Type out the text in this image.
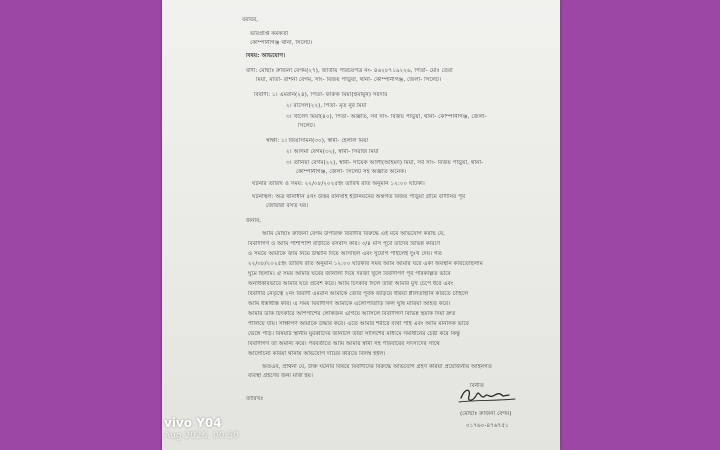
বরাবর,
ভারপ্রাপ্ত কর্মকর্তা
কোম্পানীগঞ্জ থানা, সিলেট।
বিষয়: অভিযোগ।
বাদী: মোছাঃ রুজিনা বেগম(২৭), জাতীয় পরিচয়পত্র নং- ৪৬২৮৭১৯২২৬, পিতা- মোঃ তেরা
মিয়া, মাতা- রাশনা বেগম, সাং- বিজয় পাড়ুয়া, থানা- কোম্পানীগঞ্জ, জেলা- সিলেট।
বিবাদী: ১। এমরান(২৪), পিতা- ফারুক মিয়া(হুমায়ুন) সরদার
২। রাসেল(২২), পিতা- মৃত নুর মিয়া
৩। খালেদ মিয়া(৪০), পিতা- অজ্ঞাত, সর্ব সাং- বিজয় পাড়ুয়া, থানা- কোম্পানীগঞ্জ, জেলা-
সিলেট।
স্বাক্ষী: ১। জিয়াসমিন(৩০), স্বামী- হেলাল মিয়া
২। আসমা বেগম(৩২), স্বামী- সিরাজ মিয়া
৩। তানিয়া বেগম(২২), স্বামী- সায়েক আলী(আহমদ) মিয়া, সর্ব সাং- বিজয় পাড়ুয়া, থানা-
কোম্পানীগঞ্জ, জেলা- সিলেট সহ অজ্ঞাত অনেক।
ঘটনার তারিখ ও সময়: ২২/০৮/২০২৫ইং তারিখ রাত অনুমান ১২:০০ ঘটিকা।
ঘটনাস্থল: অত্র থানাধীন ৫নং উত্তর রনিখাই ইউনিয়নের অন্তর্গত বিজয় পাড়ুয়া গ্রামে বাদীনির পূর্ব
জোয়ারা বসত ঘর।
জনাব,
আমি মোছাঃ রুজিনা বেগম উপরিক্ত বিবাদীর বিরুদ্ধে এই মর্মে অভিযোগ করছি যে,
বিবাদীগণ ও আমি পাশাপাশি বাড়ীতে বসবাস করি। ৩/৪ মাস পূর্বে তাদের বিভিন্ন কারণে
ও সময়ে আমাকে জমি নিয়ে উস্কানি দিয়ে আসছিল এবং সুযোগ পাইলেই দুঃখ দেয়। গত
২২/০৮/২০২৫ইং তারিখ রাত অনুমান ১২:০০ ঘটিকার সময় আমি আমার ঘরে একা অবস্থান করিতেছিলাম
ঘুমে ছিলাম। ঐ সময় আমার ঘরের জানালা দিয়ে দরজা খুলে বিবাদীগণ পূর্ব পরিকল্পিত ভাবে
অনধিকারভাবে আমার ঘরে প্রবেশ করে। আমি চিৎকার দিলে তারা আমার মুখ চেপে ধরে এবং
বিবাদীর নেতৃত্বে ২নং বিবাদী এমরান আমাকে জোর পূর্বক জড়িয়ে ধরিয়া শ্লীলতাহানি করিতে চাহিলে
আমি ধস্তাধস্তি করি। এ সময় বিবাদীগণ আমাকে এলোপাতাড়ি কিল ঘুষি মারিয়া আহত করে।
আমার ডাক চিৎকারে আশপাশের লোকজন এগিয়ে আসিলে বিবাদীগণ বিভিন্ন হুমকি দিয়া দ্রুত
পালিয়ে যায়। সাক্ষীগণ আমাকে উদ্ধার করে। এতে আমার শরীরে ব্যথা পাই এবং আমি মানসিক ভাবে
ভেঙ্গে পড়ি। বিষয়টি স্থানীয় মুরব্বীদের জানালে তারা সালিশের মাধ্যমে সমাধানের চেষ্টা করে কিন্তু
বিবাদীগণ তা অমান্য করে। পরবর্তীতে আমি আমার স্বামী সহ পরিবারের সদস্যদের সাথে
আলোচনা করিয়া থানায় অভিযোগ দায়ের করিতে বিলম্ব হইল।
অতএব, প্রার্থনা যে, উক্ত ঘটনার বিষয়ে বিবাদীদের বিরুদ্ধে অভিযোগ গ্রহণ করিয়া প্রয়োজনীয় আইনগত
ব্যবস্থা গ্রহণের জন্য মর্জি হয়।
বিনীত
তারিখঃ
(মোছাঃ রুজিনা বেগম)
০১৭৬০-৪৭৬৭৫১
vivo Y04
Aug 2026, 00:50
